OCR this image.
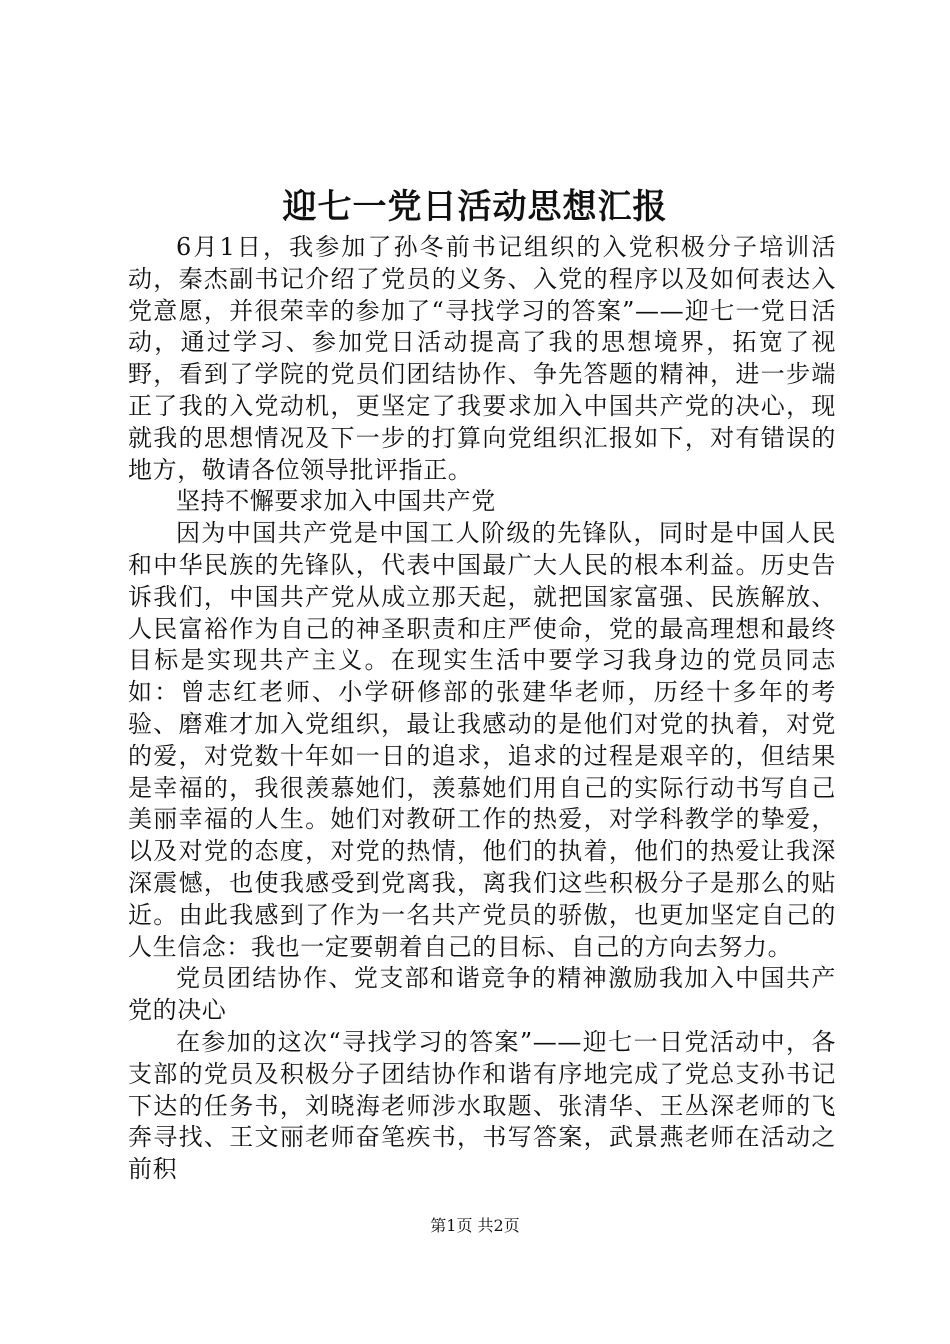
迎七一党日活动思想汇报

6月1日，我参加了孙冬前书记组织的入党积极分子培训活动，秦杰副书记介绍了党员的义务、入党的程序以及如何表达入党意愿，并很荣幸的参加了“寻找学习的答案”——迎七一党日活动，通过学习、参加党日活动提高了我的思想境界，拓宽了视野，看到了学院的党员们团结协作、争先答题的精神，进一步端正了我的入党动机，更坚定了我要求加入中国共产党的决心，现就我的思想情况及下一步的打算向党组织汇报如下，对有错误的地方，敬请各位领导批评指正。

坚持不懈要求加入中国共产党

因为中国共产党是中国工人阶级的先锋队，同时是中国人民和中华民族的先锋队，代表中国最广大人民的根本利益。历史告诉我们，中国共产党从成立那天起，就把国家富强、民族解放、人民富裕作为自己的神圣职责和庄严使命，党的最高理想和最终目标是实现共产主义。在现实生活中要学习我身边的党员同志如：曾志红老师、小学研修部的张建华老师，历经十多年的考验、磨难才加入党组织，最让我感动的是他们对党的执着，对党的爱，对党数十年如一日的追求，追求的过程是艰辛的，但结果是幸福的，我很羡慕她们，羡慕她们用自己的实际行动书写自己美丽幸福的人生。她们对教研工作的热爱，对学科教学的挚爱，以及对党的态度，对党的热情，他们的执着，他们的热爱让我深深震憾，也使我感受到党离我，离我们这些积极分子是那么的贴近。由此我感到了作为一名共产党员的骄傲，也更加坚定自己的人生信念：我也一定要朝着自己的目标、自己的方向去努力。

党员团结协作、党支部和谐竞争的精神激励我加入中国共产党的决心

在参加的这次“寻找学习的答案”——迎七一日党活动中，各支部的党员及积极分子团结协作和谐有序地完成了党总支孙书记下达的任务书，刘晓海老师涉水取题、张清华、王丛深老师的飞奔寻找、王文丽老师奋笔疾书，书写答案，武景燕老师在活动之前积

第1页 共2页
